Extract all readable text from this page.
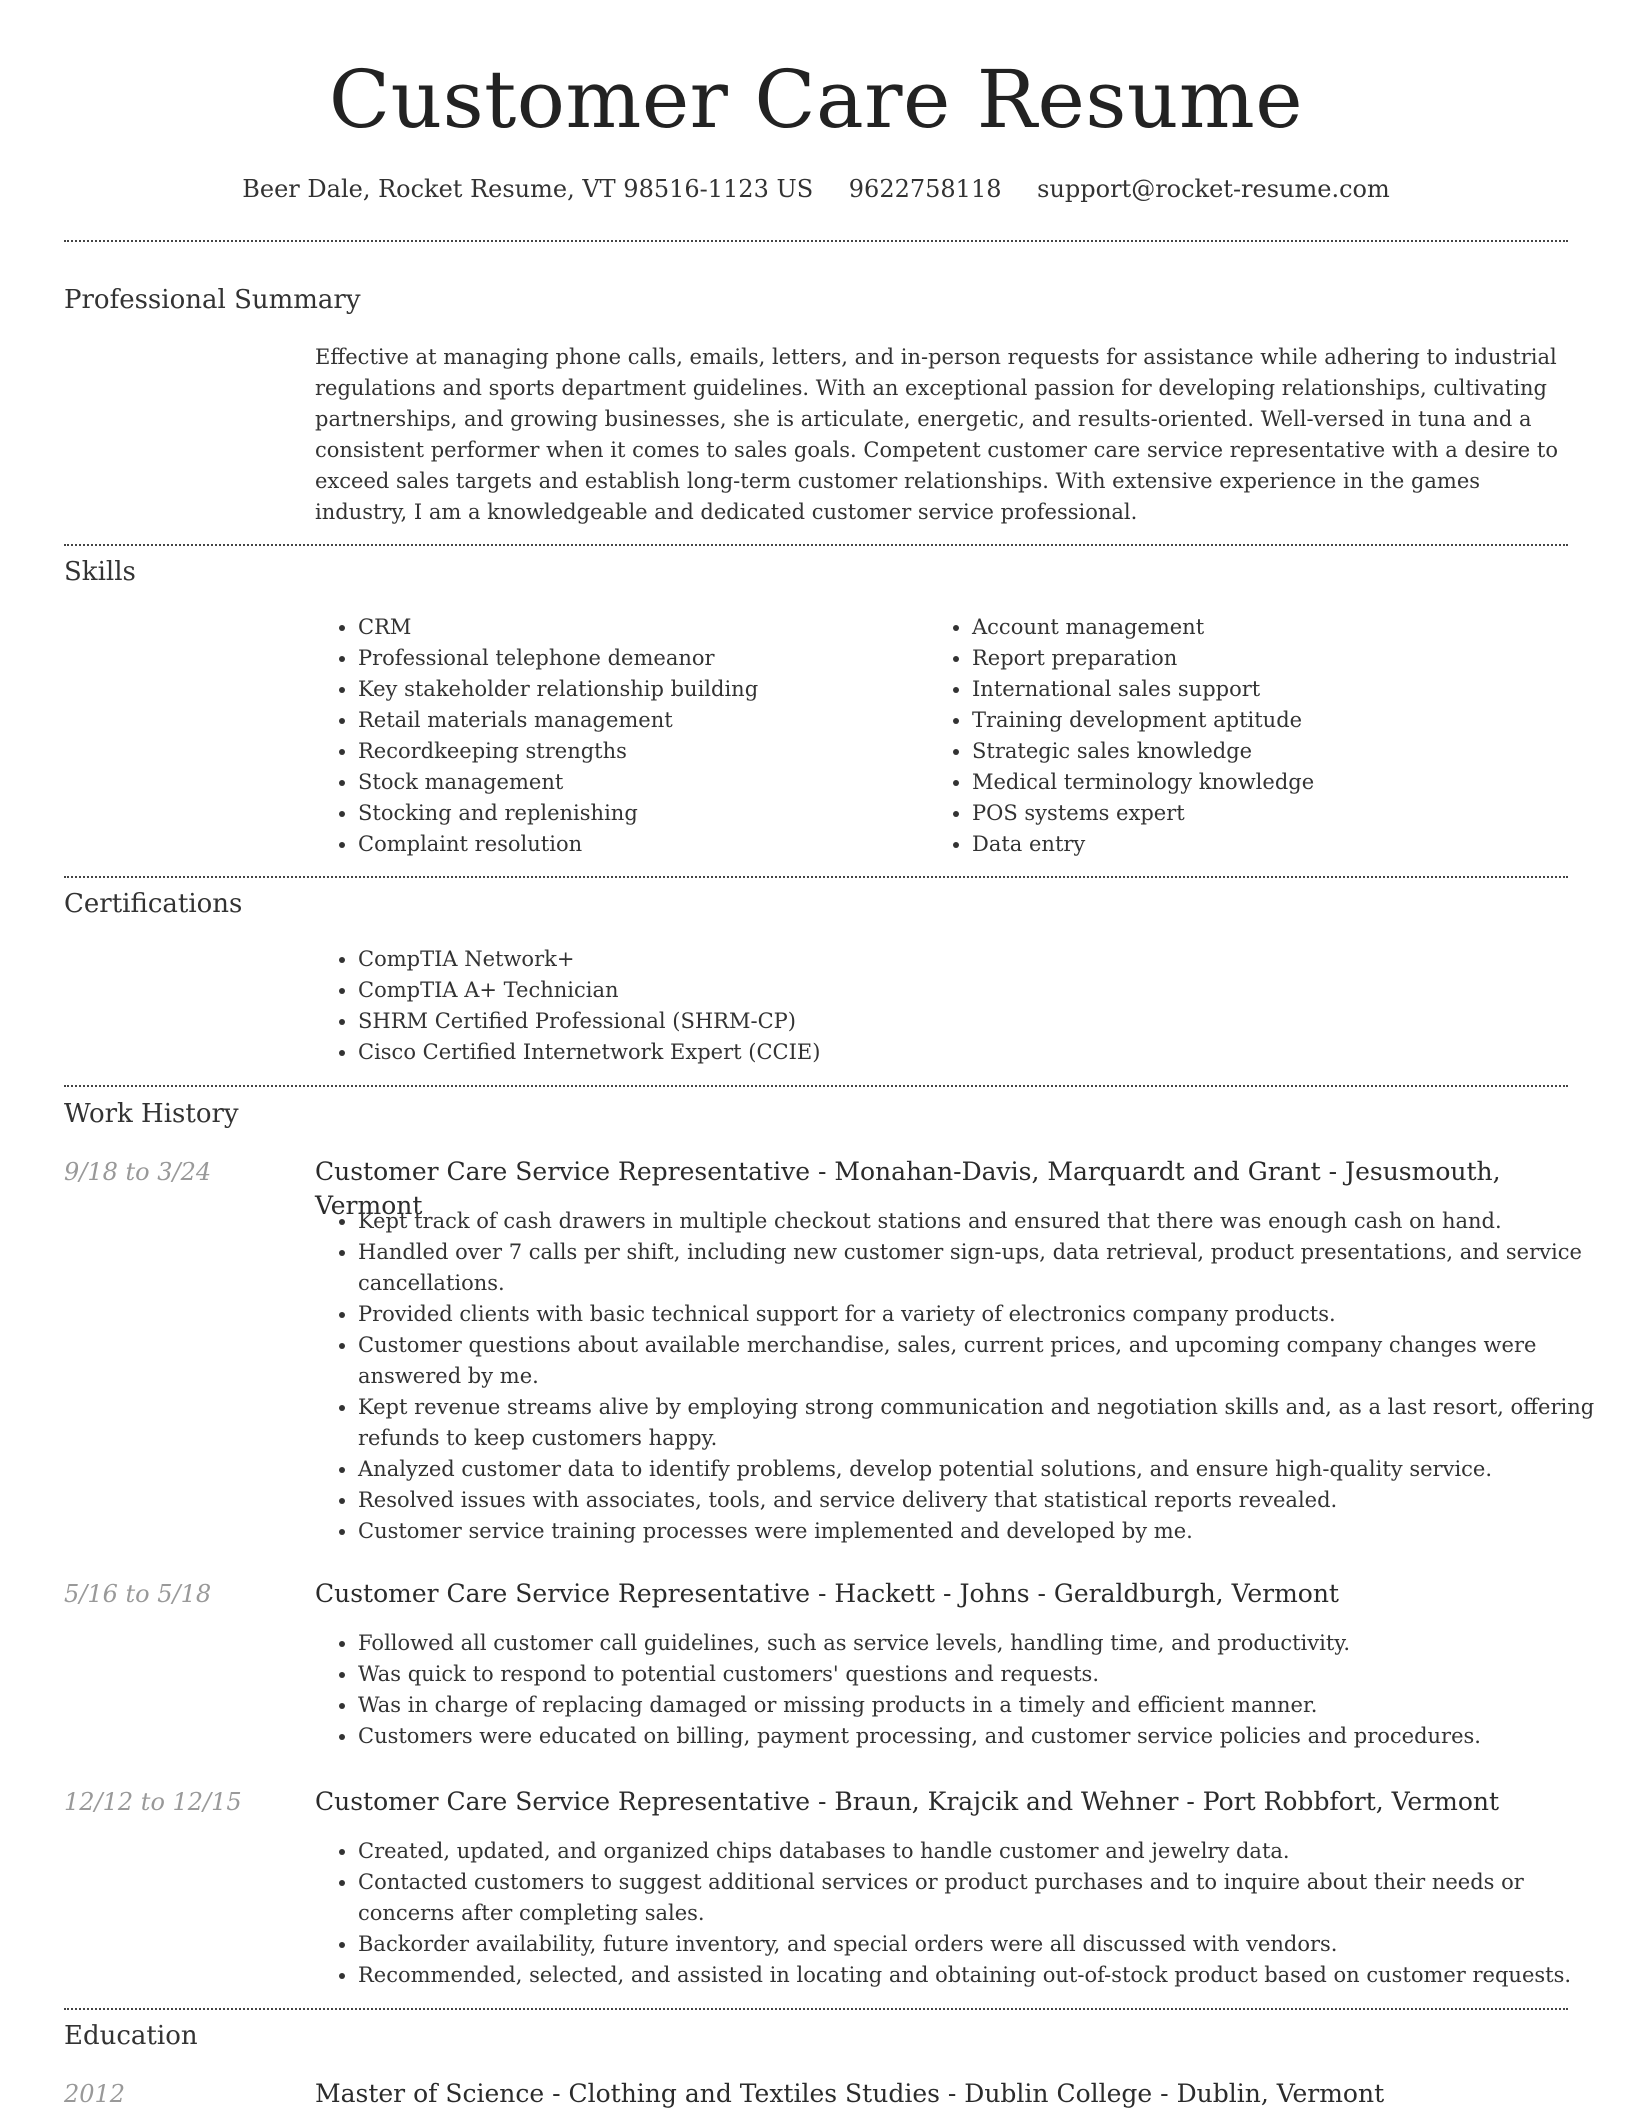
Customer Care Resume
Beer Dale, Rocket Resume, VT 98516-1123 US 9622758118 support@rocket-resume.com
Professional Summary

Effective at managing phone calls, emails, letters, and in-person requests for assistance while adhering to industrial regulations and sports department guidelines. With an exceptional passion for developing relationships, cultivating partnerships, and growing businesses, she is articulate, energetic, and results-oriented. Well-versed in tuna and a consistent performer when it comes to sales goals. Competent customer care service representative with a desire to exceed sales targets and establish long-term customer relationships. With extensive experience in the games industry, I am a knowledgeable and dedicated customer service professional.

Skills
• CRM
• Professional telephone demeanor
• Key stakeholder relationship building
• Retail materials management
• Recordkeeping strengths
• Stock management
• Stocking and replenishing
• Complaint resolution
• Account management
• Report preparation
• International sales support
• Training development aptitude
• Strategic sales knowledge
• Medical terminology knowledge
• POS systems expert
• Data entry
Certifications
• CompTIA Network+
• CompTIA A+ Technician
• SHRM Certified Professional (SHRM-CP)
• Cisco Certified Internetwork Expert (CCIE)
Work History
9/18 to 3/24	Customer Care Service Representative - Monahan-Davis, Marquardt and Grant - Jesusmouth, Vermont
• Kept track of cash drawers in multiple checkout stations and ensured that there was enough cash on hand.
• Handled over 7 calls per shift, including new customer sign-ups, data retrieval, product presentations, and service cancellations.
• Provided clients with basic technical support for a variety of electronics company products.
• Customer questions about available merchandise, sales, current prices, and upcoming company changes were answered by me.
• Kept revenue streams alive by employing strong communication and negotiation skills and, as a last resort, offering refunds to keep customers happy.
• Analyzed customer data to identify problems, develop potential solutions, and ensure high-quality service.
• Resolved issues with associates, tools, and service delivery that statistical reports revealed.
• Customer service training processes were implemented and developed by me.
5/16 to 5/18	Customer Care Service Representative - Hackett - Johns - Geraldburgh, Vermont
• Followed all customer call guidelines, such as service levels, handling time, and productivity.
• Was quick to respond to potential customers' questions and requests.
• Was in charge of replacing damaged or missing products in a timely and efficient manner.
• Customers were educated on billing, payment processing, and customer service policies and procedures.
12/12 to 12/15	Customer Care Service Representative - Braun, Krajcik and Wehner - Port Robbfort, Vermont
• Created, updated, and organized chips databases to handle customer and jewelry data.
• Contacted customers to suggest additional services or product purchases and to inquire about their needs or concerns after completing sales.
• Backorder availability, future inventory, and special orders were all discussed with vendors.
• Recommended, selected, and assisted in locating and obtaining out-of-stock product based on customer requests.
Education
2012	Master of Science - Clothing and Textiles Studies - Dublin College - Dublin, Vermont
